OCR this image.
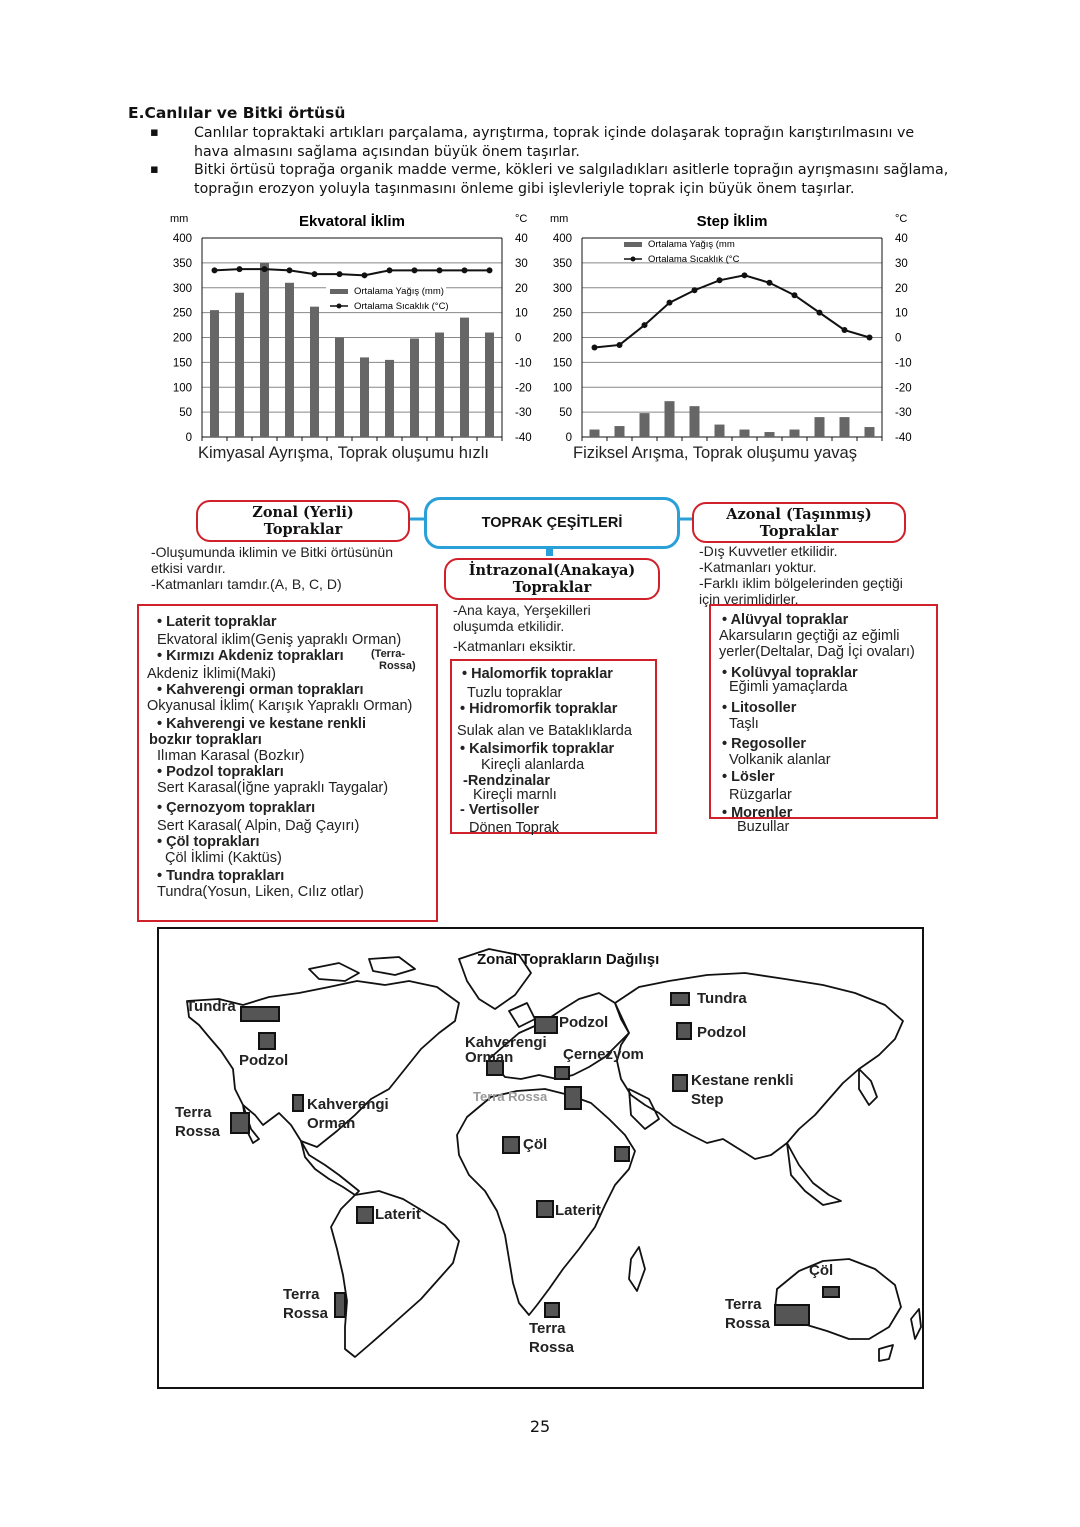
E.Canlılar ve Bitki örtüsü
▪ Canlılar topraktaki artıkları parçalama, ayrıştırma, toprak içinde dolaşarak toprağın karıştırılmasını ve
hava almasını sağlama açısından büyük önem taşırlar.
▪ Bitki örtüsü toprağa organik madde verme, kökleri ve salgıladıkları asitlerle toprağın ayrışmasını sağlama,
toprağın erozyon yoluyla taşınmasını önleme gibi işlevleriyle toprak için büyük önem taşırlar.
Ekvatoral İklim
mm	°C
400
350
300
250
200
150
100
50
0
40
30
20
10
0
-10
-20
-30
-40
Ortalama Yağış (mm)
Ortalama Sıcaklık (°C)
Step İklim
mm	°C
400
350
300
250
200
150
100
50
0
40
30
20
10
0
-10
-20
-30
-40
Ortalama Yağış (mm
Ortalama Sıcaklık (°C
Kimyasal Ayrışma, Toprak oluşumu hızlı	Fiziksel Arışma, Toprak oluşumu yavaş
Zonal (Yerli)
Topraklar	TOPRAK ÇEŞİTLERİ
Azonal (Taşınmış)
Topraklar
İntrazonal(Anakaya)
Topraklar
-Oluşumunda iklimin ve Bitki örtüsünün
etkisi vardır.
-Katmanları tamdır.(A, B, C, D)
-Ana kaya, Yerşekilleri
oluşumda etkilidir.
-Katmanları eksiktir.
-Dış Kuvvetler etkilidir.
-Katmanları yoktur.
-Farklı iklim bölgelerinden geçtiği
için verimlidirler.
• Laterit topraklar
Ekvatoral iklim(Geniş yapraklı Orman)
• Kırmızı Akdeniz toprakları (Terra-
Rossa)
Akdeniz İklimi(Maki)
• Kahverengi orman toprakları
Okyanusal İklim( Karışık Yapraklı Orman)
• Kahverengi ve kestane renkli
bozkır toprakları
Ilıman Karasal (Bozkır)
• Podzol toprakları
Sert Karasal(İğne yapraklı Taygalar)
• Çernozyom toprakları
Sert Karasal( Alpin, Dağ Çayırı)
• Çöl toprakları
Çöl İklimi (Kaktüs)
• Tundra toprakları
Tundra(Yosun, Liken, Cılız otlar)
• Halomorfik topraklar
Tuzlu topraklar
• Hidromorfik topraklar
Sulak alan ve Bataklıklarda
• Kalsimorfik topraklar
Kireçli alanlarda
-Rendzinalar
Kireçli marnlı
- Vertisoller
Dönen Toprak
• Alüvyal topraklar
Akarsuların geçtiği az eğimli
yerler(Deltalar, Dağ İçi ovaları)
• Kolüvyal topraklar
Eğimli yamaçlarda
• Litosoller
Taşlı
• Regosoller
Volkanik alanlar
• Lösler
Rüzgarlar
• Morenler
Buzullar
Zonal Toprakların Dağılışı
Tundra
Podzol
Terra
Rossa
Kahverengi
Orman
Laterit
Terra
Rossa
Podzol
Kahverengi
Orman	Çernezyom
Terra Rossa
Çöl
Laterit
Terra
Rossa
Tundra
Podzol
Kestane renkli
Step
Çöl
Terra
Rossa
25
